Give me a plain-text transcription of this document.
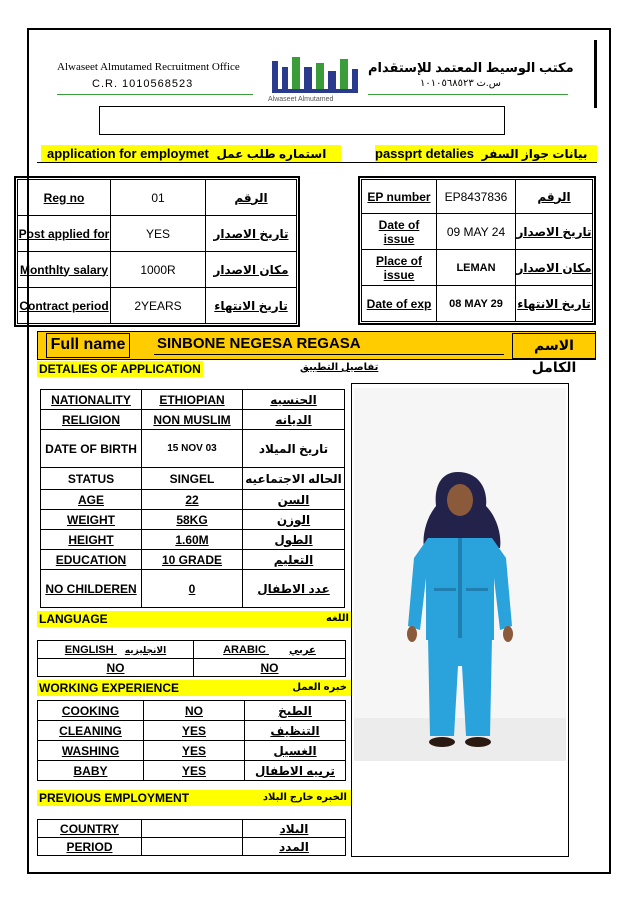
Alwaseet Almutamed Recruitment Office
C.R. 1010568523
مكتب الوسيط المعتمد للإستقدام
س.ت ١٠١٠٥٦٨٥٢٣
Alwaseet Almutamed
application for employmet استماره طلب عمل	passprt detalies بيانات جواز السفر
Reg no	01	الرقم
Post applied for	YES	تاريخ الاصدار
Monthlty salary	1000R	مكان الاصدار
Contract period	2YEARS	تاريخ الانتهاء
EP number	EP8437836	الرقم
Date of issue	09 MAY 24	تاريخ الاصدار
Place of issue	LEMAN	مكان الاصدار
Date of exp	08 MAY 29	تاريخ الانتهاء
Full name	SINBONE NEGESA REGASA	الاسم الكامل
DETALIES OF APPLICATION	تفاصيل التطبيق
NATIONALITY	ETHIOPIAN	الجنسيه
RELIGION	NON MUSLIM	الديانه
DATE OF BIRTH	15 NOV 03	تاريخ الميلاد
STATUS	SINGEL	الحاله الاجتماعيه
AGE	22	السن
WEIGHT	58KG	الوزن
HEIGHT	1.60M	الطول
EDUCATION	10 GRADE	التعليم
NO CHILDEREN	0	عدد الاطفال
LANGUAGE	اللغه
ENGLISH الانجليزيه	ARABIC عربي
NO	NO
WORKING EXPERIENCE	خبره العمل
COOKING	NO	الطبخ
CLEANING	YES	التنظيف
WASHING	YES	الغسيل
BABY	YES	تربيه الاطفال
PREVIOUS EMPLOYMENT	الخبره خارج البلاد
COUNTRY		البلاد
PERIOD		المدد
